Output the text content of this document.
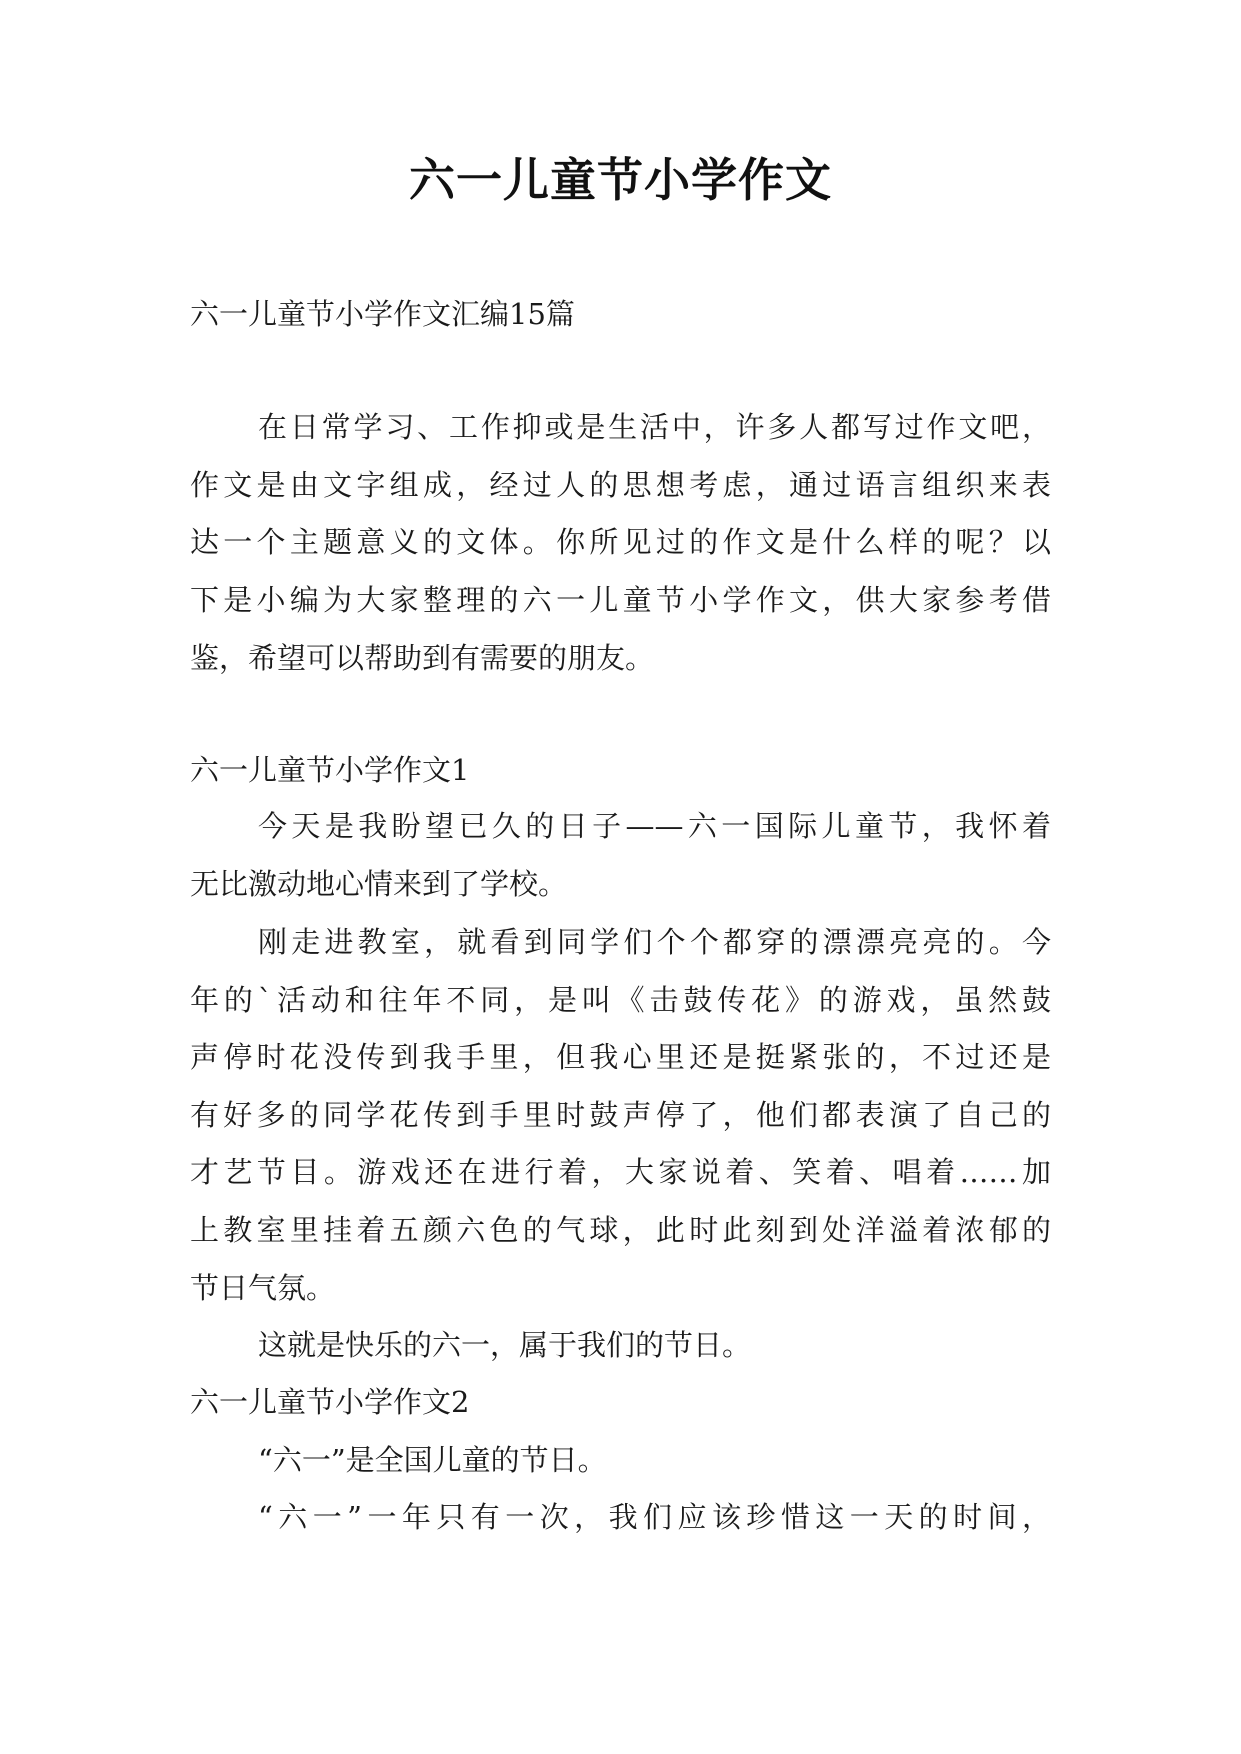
六一儿童节小学作文
六一儿童节小学作文汇编15篇
在日常学习、工作抑或是生活中，许多人都写过作文吧，
作文是由文字组成，经过人的思想考虑，通过语言组织来表
达一个主题意义的文体。你所见过的作文是什么样的呢？以
下是小编为大家整理的六一儿童节小学作文，供大家参考借
鉴，希望可以帮助到有需要的朋友。
六一儿童节小学作文1
今天是我盼望已久的日子——六一国际儿童节，我怀着
无比激动地心情来到了学校。
刚走进教室，就看到同学们个个都穿的漂漂亮亮的。今
年的`活动和往年不同，是叫《击鼓传花》的游戏，虽然鼓
声停时花没传到我手里，但我心里还是挺紧张的，不过还是
有好多的同学花传到手里时鼓声停了，他们都表演了自己的
才艺节目。游戏还在进行着，大家说着、笑着、唱着……加
上教室里挂着五颜六色的气球，此时此刻到处洋溢着浓郁的
节日气氛。
这就是快乐的六一，属于我们的节日。
六一儿童节小学作文2
“六一”是全国儿童的节日。
“六一”一年只有一次，我们应该珍惜这一天的时间，
